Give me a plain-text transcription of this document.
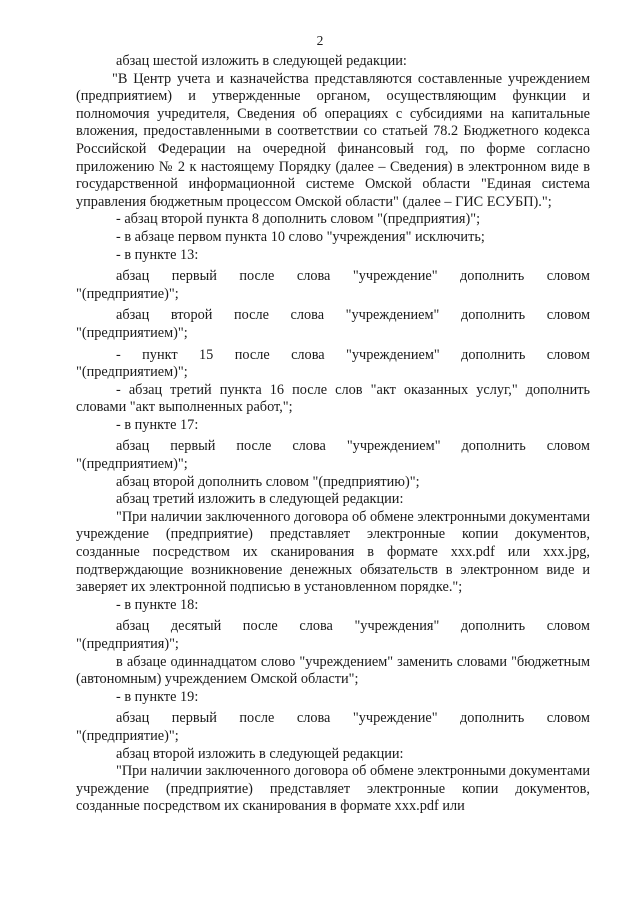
2

абзац шестой изложить в следующей редакции:

"В Центр учета и казначейства представляются составленные учреждением (предприятием) и утвержденные органом, осуществляющим функции и полномочия учредителя, Сведения об операциях с субсидиями на капитальные вложения, предоставленными в соответствии со статьей 78.2 Бюджетного кодекса Российской Федерации на очередной финансовый год, по форме согласно приложению № 2 к настоящему Порядку (далее – Сведения) в электронном виде в государственной информационной системе Омской области "Единая система управления бюджетным процессом Омской области" (далее – ГИС ЕСУБП).";

- абзац второй пункта 8 дополнить словом "(предприятия)";

- в абзаце первом пункта 10 слово "учреждения" исключить;

- в пункте 13:

абзац первый после слова "учреждение" дополнить словом

"(предприятие)";

абзац второй после слова "учреждением" дополнить словом

"(предприятием)";

- пункт 15 после слова "учреждением" дополнить словом

"(предприятием)";

- абзац третий пункта 16 после слов "акт оказанных услуг," дополнить словами "акт выполненных работ,";

- в пункте 17:

абзац первый после слова "учреждением" дополнить словом

"(предприятием)";

абзац второй дополнить словом "(предприятию)";

абзац третий изложить в следующей редакции:

"При наличии заключенного договора об обмене электронными документами учреждение (предприятие) представляет электронные копии документов, созданные посредством их сканирования в формате xxx.pdf или xxx.jpg, подтверждающие возникновение денежных обязательств в электронном виде и заверяет их электронной подписью в установленном порядке.";

- в пункте 18:

абзац десятый после слова "учреждения" дополнить словом

"(предприятия)";

в абзаце одиннадцатом слово "учреждением" заменить словами "бюджетным (автономным) учреждением Омской области";

- в пункте 19:

абзац первый после слова "учреждение" дополнить словом

"(предприятие)";

абзац второй изложить в следующей редакции:

"При наличии заключенного договора об обмене электронными документами учреждение (предприятие) представляет электронные копии документов, созданные посредством их сканирования в формате xxx.pdf или
